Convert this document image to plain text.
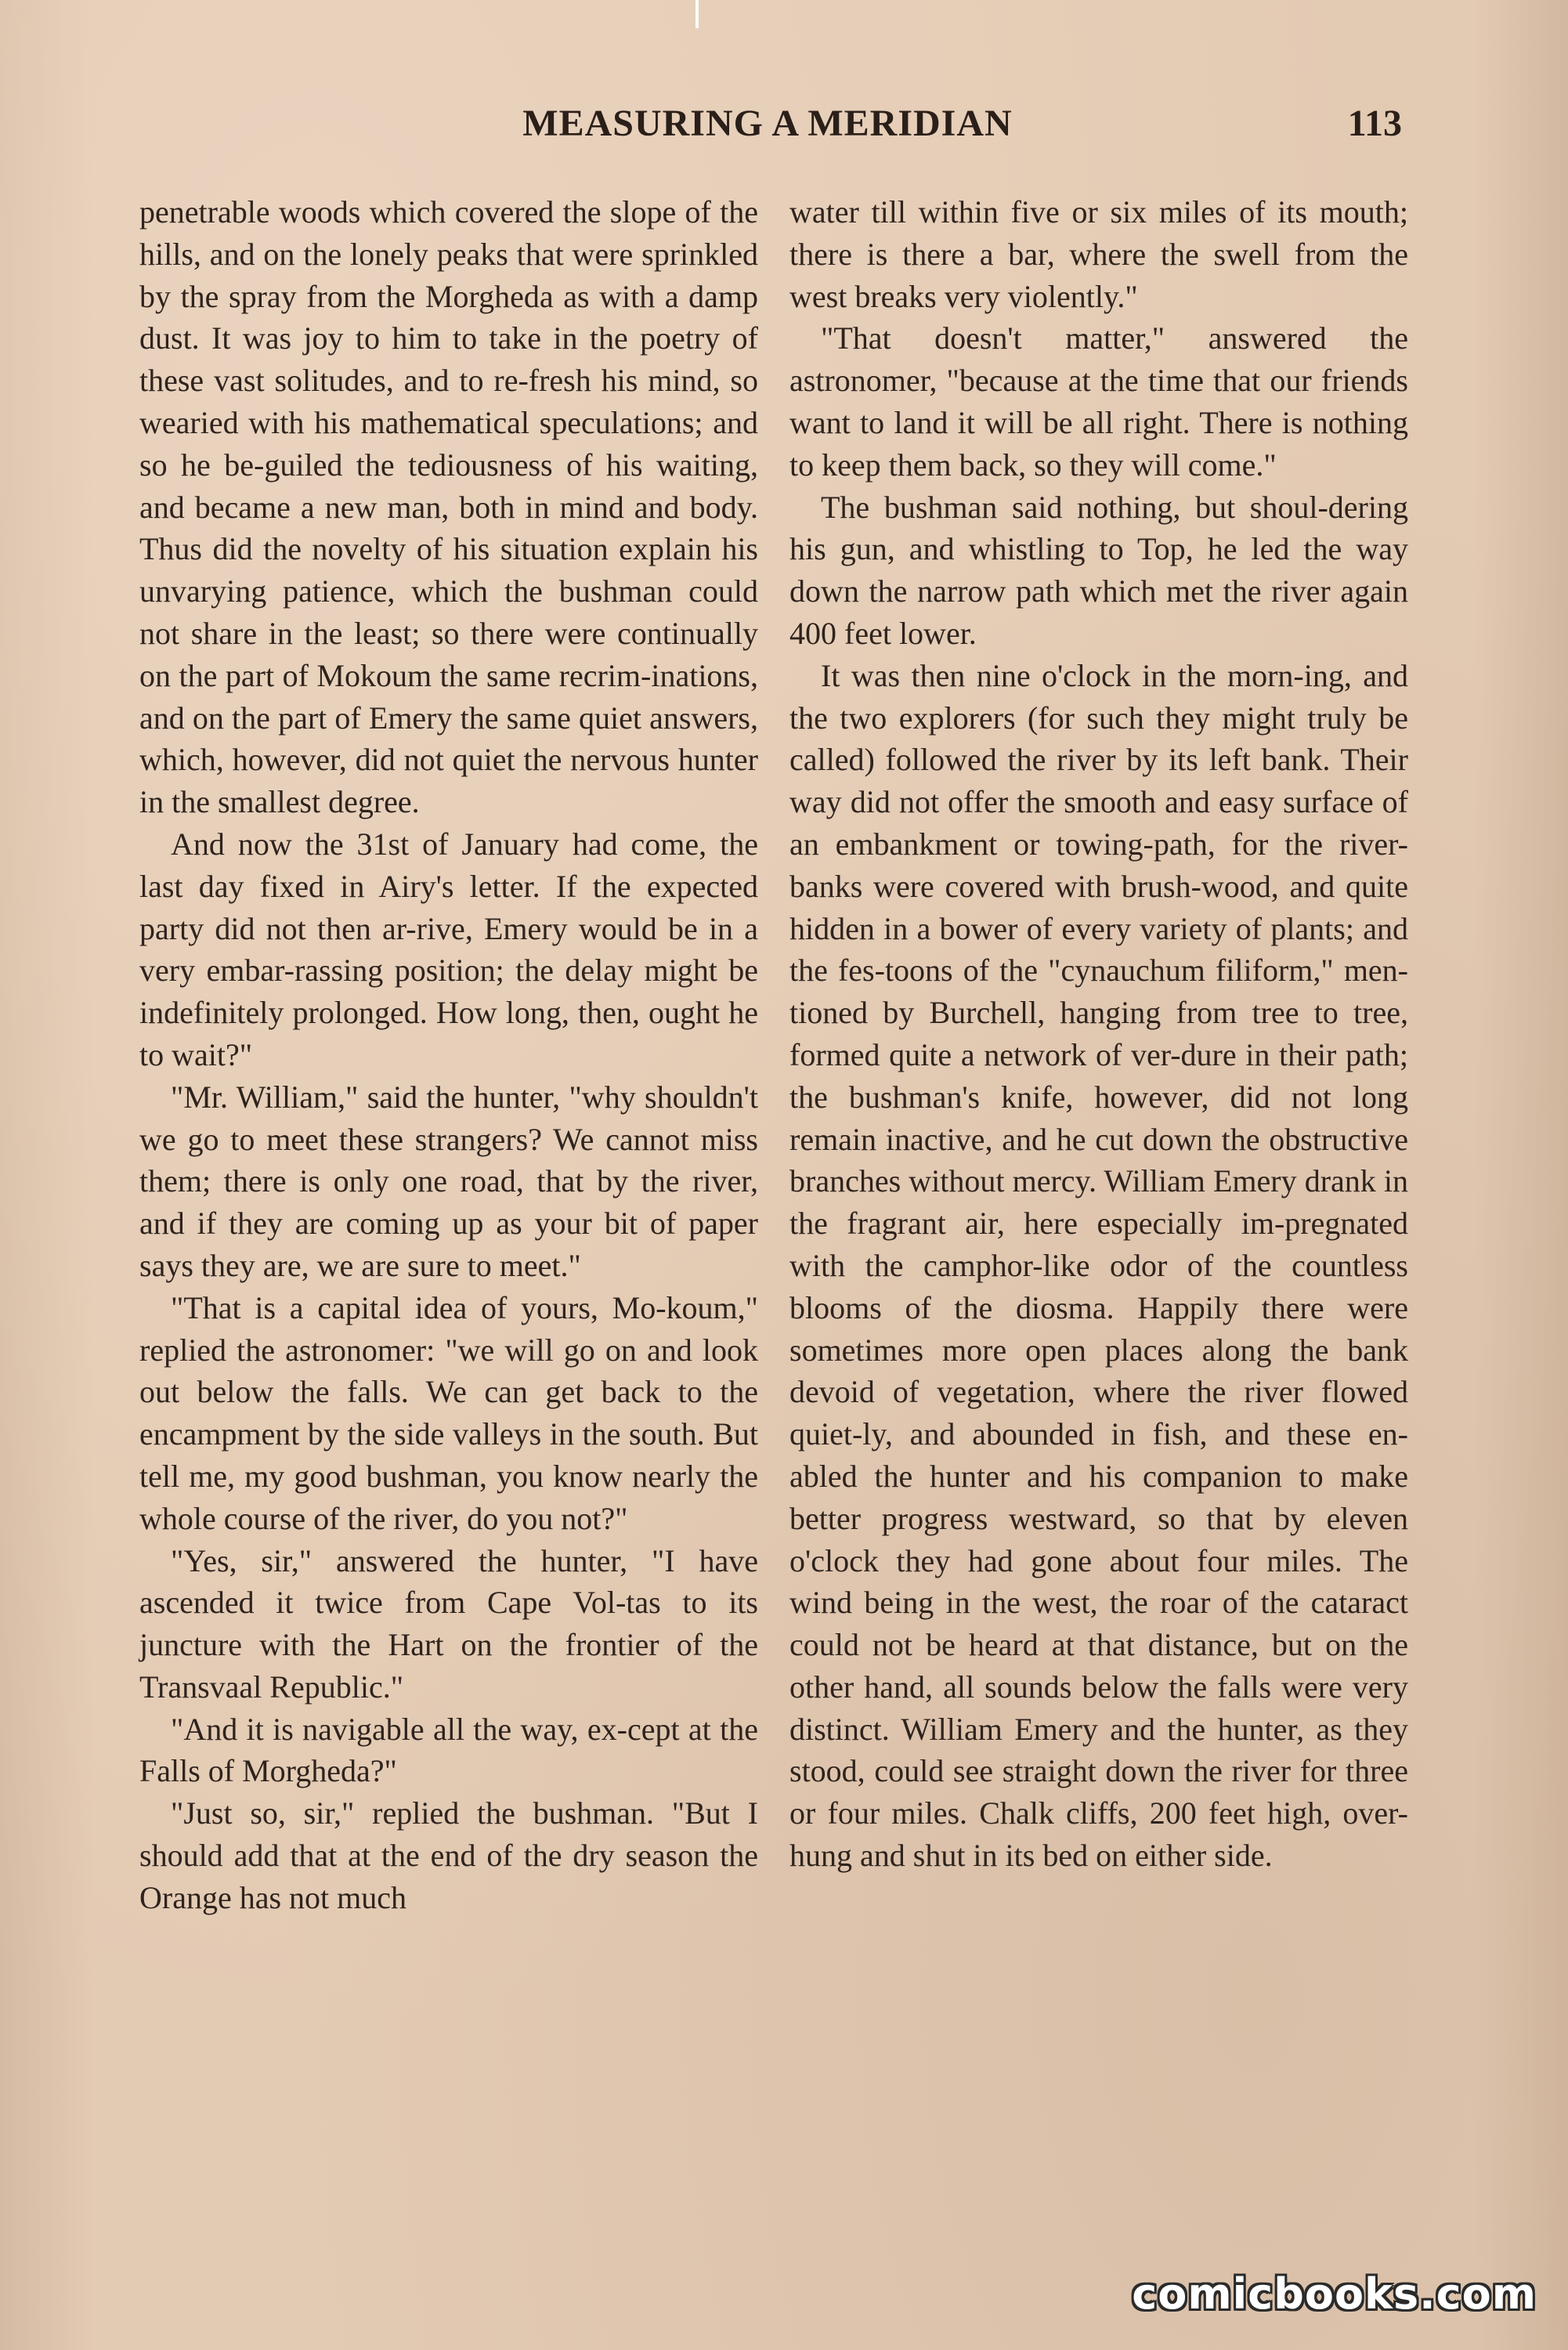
MEASURING A MERIDIAN	113

penetrable woods which covered the slope of the hills, and on the lonely peaks that were sprinkled by the spray from the Morgheda as with a damp dust. It was joy to him to take in the poetry of these vast solitudes, and to re-fresh his mind, so wearied with his mathematical speculations; and so he be-guiled the tediousness of his waiting, and became a new man, both in mind and body. Thus did the novelty of his situation explain his unvarying patience, which the bushman could not share in the least; so there were continually on the part of Mokoum the same recrim-inations, and on the part of Emery the same quiet answers, which, however, did not quiet the nervous hunter in the smallest degree.

And now the 31st of January had come, the last day fixed in Airy's letter. If the expected party did not then ar-rive, Emery would be in a very embar-rassing position; the delay might be indefinitely prolonged. How long, then, ought he to wait?"

"Mr. William," said the hunter, "why shouldn't we go to meet these strangers? We cannot miss them; there is only one road, that by the river, and if they are coming up as your bit of paper says they are, we are sure to meet."

"That is a capital idea of yours, Mo-koum," replied the astronomer: "we will go on and look out below the falls. We can get back to the encampment by the side valleys in the south. But tell me, my good bushman, you know nearly the whole course of the river, do you not?"

"Yes, sir," answered the hunter, "I have ascended it twice from Cape Vol-tas to its juncture with the Hart on the frontier of the Transvaal Republic."

"And it is navigable all the way, ex-cept at the Falls of Morgheda?"

"Just so, sir," replied the bushman. "But I should add that at the end of the dry season the Orange has not much

water till within five or six miles of its mouth; there is there a bar, where the swell from the west breaks very violently."

"That doesn't matter," answered the astronomer, "because at the time that our friends want to land it will be all right. There is nothing to keep them back, so they will come."

The bushman said nothing, but shoul-dering his gun, and whistling to Top, he led the way down the narrow path which met the river again 400 feet lower.

It was then nine o'clock in the morn-ing, and the two explorers (for such they might truly be called) followed the river by its left bank. Their way did not offer the smooth and easy surface of an embankment or towing-path, for the river-banks were covered with brush-wood, and quite hidden in a bower of every variety of plants; and the fes-toons of the "cynauchum filiform," men-tioned by Burchell, hanging from tree to tree, formed quite a network of ver-dure in their path; the bushman's knife, however, did not long remain inactive, and he cut down the obstructive branches without mercy. William Emery drank in the fragrant air, here especially im-pregnated with the camphor-like odor of the countless blooms of the diosma. Happily there were sometimes more open places along the bank devoid of vegetation, where the river flowed quiet-ly, and abounded in fish, and these en-abled the hunter and his companion to make better progress westward, so that by eleven o'clock they had gone about four miles. The wind being in the west, the roar of the cataract could not be heard at that distance, but on the other hand, all sounds below the falls were very distinct. William Emery and the hunter, as they stood, could see straight down the river for three or four miles. Chalk cliffs, 200 feet high, over-hung and shut in its bed on either side.

comicbooks.com
